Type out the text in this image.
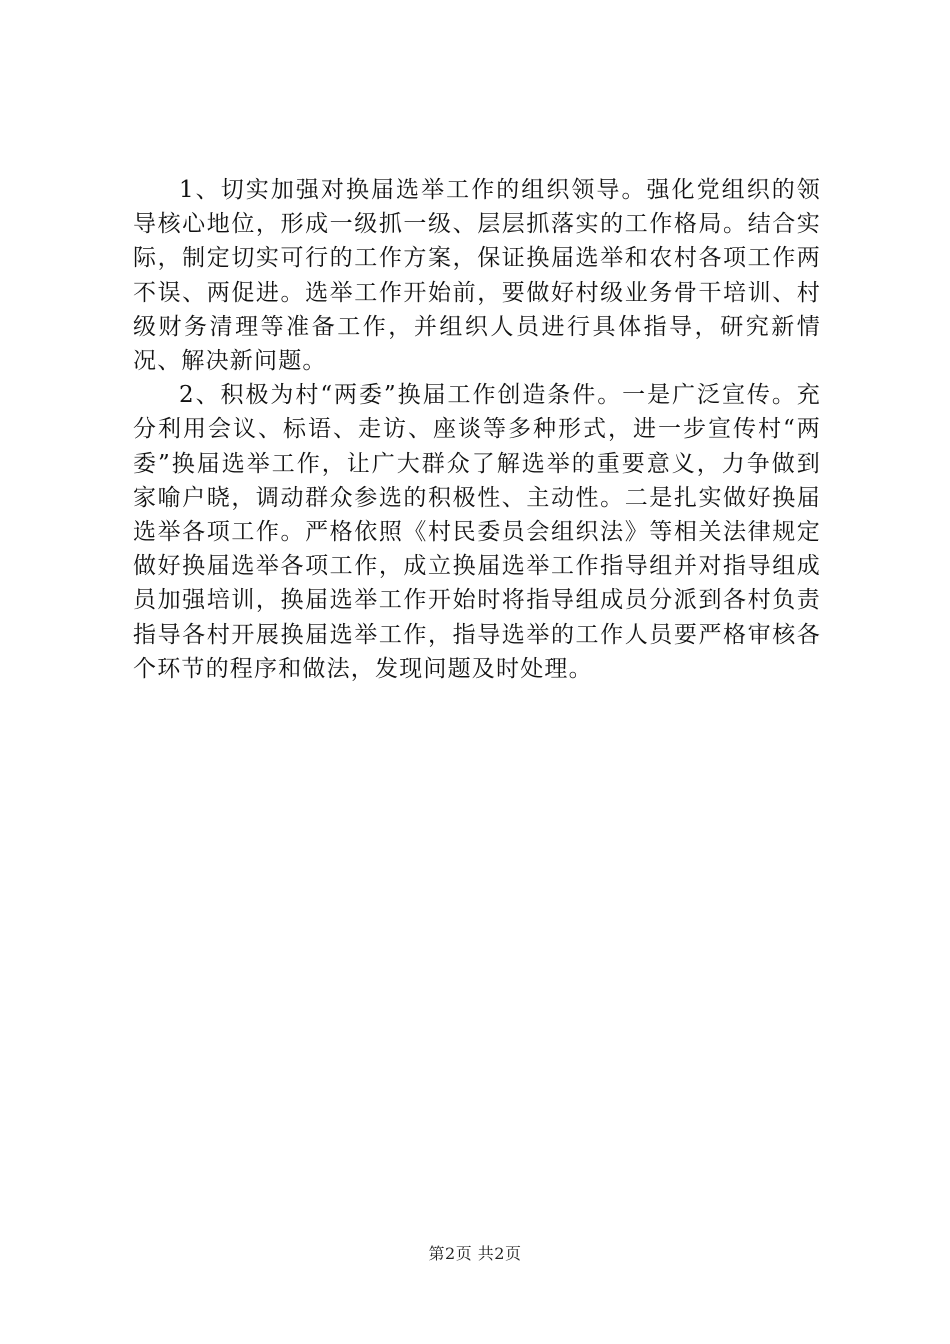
1、切实加强对换届选举工作的组织领导。强化党组织的领导核心地位，形成一级抓一级、层层抓落实的工作格局。结合实际，制定切实可行的工作方案，保证换届选举和农村各项工作两不误、两促进。选举工作开始前，要做好村级业务骨干培训、村级财务清理等准备工作，并组织人员进行具体指导，研究新情况、解决新问题。

2、积极为村“两委”换届工作创造条件。一是广泛宣传。充分利用会议、标语、走访、座谈等多种形式，进一步宣传村“两委”换届选举工作，让广大群众了解选举的重要意义，力争做到家喻户晓，调动群众参选的积极性、主动性。二是扎实做好换届选举各项工作。严格依照《村民委员会组织法》等相关法律规定做好换届选举各项工作，成立换届选举工作指导组并对指导组成员加强培训，换届选举工作开始时将指导组成员分派到各村负责指导各村开展换届选举工作，指导选举的工作人员要严格审核各个环节的程序和做法，发现问题及时处理。

第2页 共2页
